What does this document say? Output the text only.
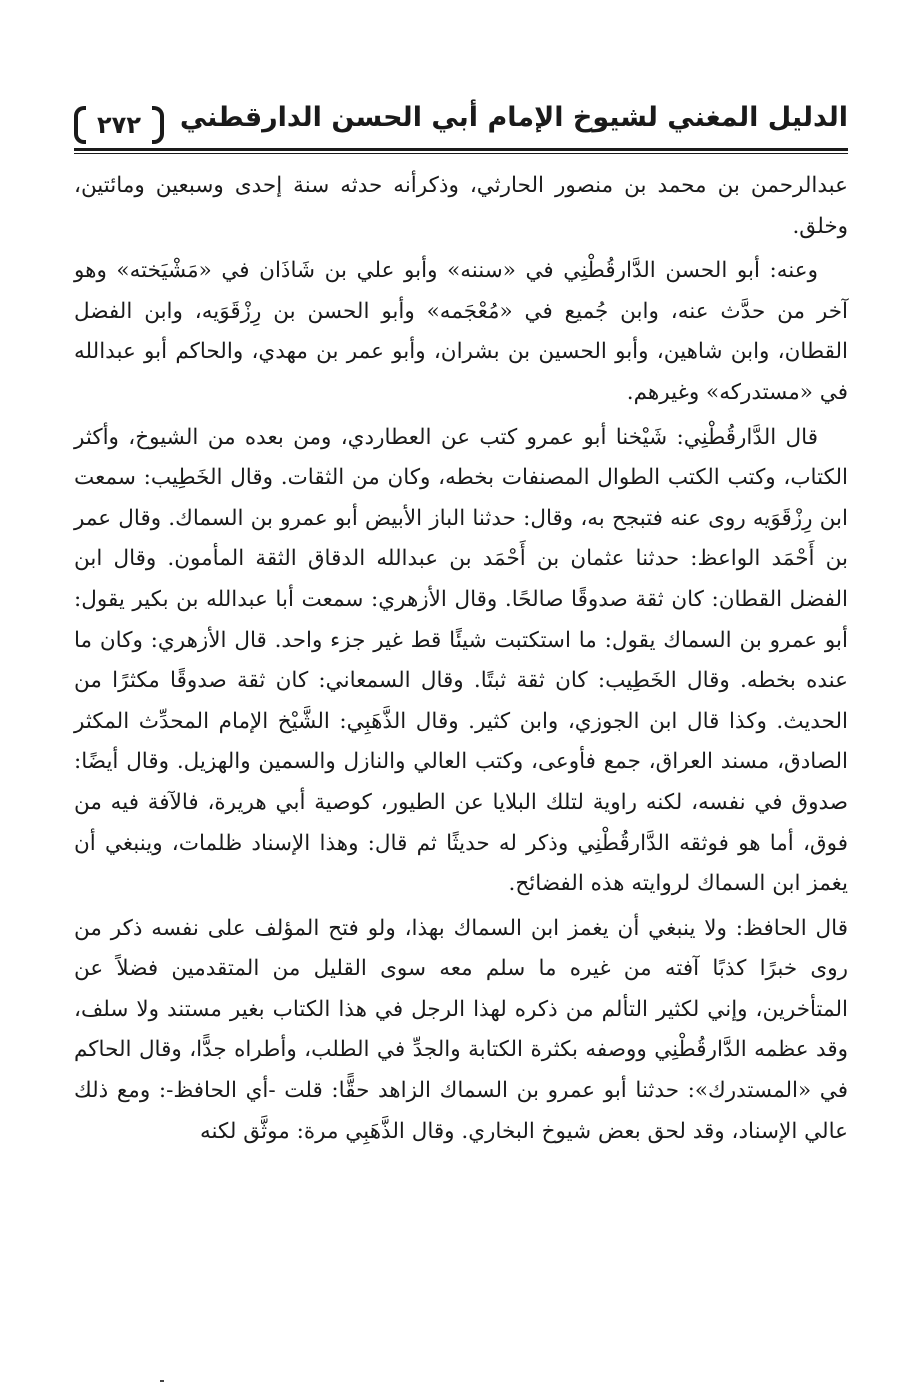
٢٧٢	الدليل المغني لشيوخ الإمام أبي الحسن الدارقطني

عبدالرحمن بن محمد بن منصور الحارثي، وذكرأنه حدثه سنة إحدى وسبعين ومائتين، وخلق.

وعنه: أبو الحسن الدَّارقُطْنِي في «سننه» وأبو علي بن شَاذَان في «مَشْيَخته» وهو آخر من حدَّث عنه، وابن جُميع في «مُعْجَمه» وأبو الحسن بن رِزْقَوَيه، وابن الفضل القطان، وابن شاهين، وأبو الحسين بن بشران، وأبو عمر بن مهدي، والحاكم أبو عبدالله في «مستدركه» وغيرهم.

قال الدَّارقُطْنِي: شَيْخنا أبو عمرو كتب عن العطاردي، ومن بعده من الشيوخ، وأكثر الكتاب، وكتب الكتب الطوال المصنفات بخطه، وكان من الثقات. وقال الخَطِيب: سمعت ابن رِزْقَوَيه روى عنه فتبجح به، وقال: حدثنا الباز الأبيض أبو عمرو بن السماك. وقال عمر بن أَحْمَد الواعظ: حدثنا عثمان بن أَحْمَد بن عبدالله الدقاق الثقة المأمون. وقال ابن الفضل القطان: كان ثقة صدوقًا صالحًا. وقال الأزهري: سمعت أبا عبدالله بن بكير يقول: أبو عمرو بن السماك يقول: ما استكتبت شيئًا قط غير جزء واحد. قال الأزهري: وكان ما عنده بخطه. وقال الخَطِيب: كان ثقة ثبتًا. وقال السمعاني: كان ثقة صدوقًا مكثرًا من الحديث. وكذا قال ابن الجوزي، وابن كثير. وقال الذَّهَبِي: الشَّيْخ الإمام المحدِّث المكثر الصادق، مسند العراق، جمع فأوعى، وكتب العالي والنازل والسمين والهزيل. وقال أيضًا: صدوق في نفسه، لكنه راوية لتلك البلايا عن الطيور، كوصية أبي هريرة، فالآفة فيه من فوق، أما هو فوثقه الدَّارقُطْنِي وذكر له حديثًا ثم قال: وهذا الإسناد ظلمات، وينبغي أن يغمز ابن السماك لروايته هذه الفضائح.

قال الحافظ: ولا ينبغي أن يغمز ابن السماك بهذا، ولو فتح المؤلف على نفسه ذكر من روى خبرًا كذبًا آفته من غيره ما سلم معه سوى القليل من المتقدمين فضلاً عن المتأخرين، وإني لكثير التألم من ذكره لهذا الرجل في هذا الكتاب بغير مستند ولا سلف، وقد عظمه الدَّارقُطْنِي ووصفه بكثرة الكتابة والجدِّ في الطلب، وأطراه جدًّا، وقال الحاكم في «المستدرك»: حدثنا أبو عمرو بن السماك الزاهد حقًّا: قلت -أي الحافظ-: ومع ذلك عالي الإسناد، وقد لحق بعض شيوخ البخاري. وقال الذَّهَبِي مرة: موثَّق لكنه
